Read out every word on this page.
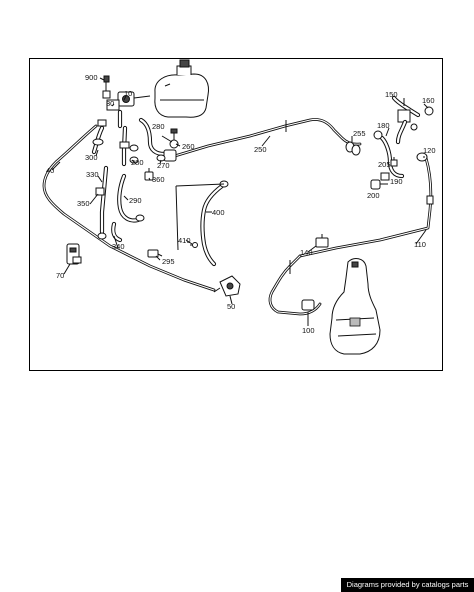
900
10
30
280
260	250
255
150
160
180
120
205
190
200
40
300
280 270
360
330
350	290
400
340
410
295
70
50
140
110
100
Diagrams provided by catalogs parts
